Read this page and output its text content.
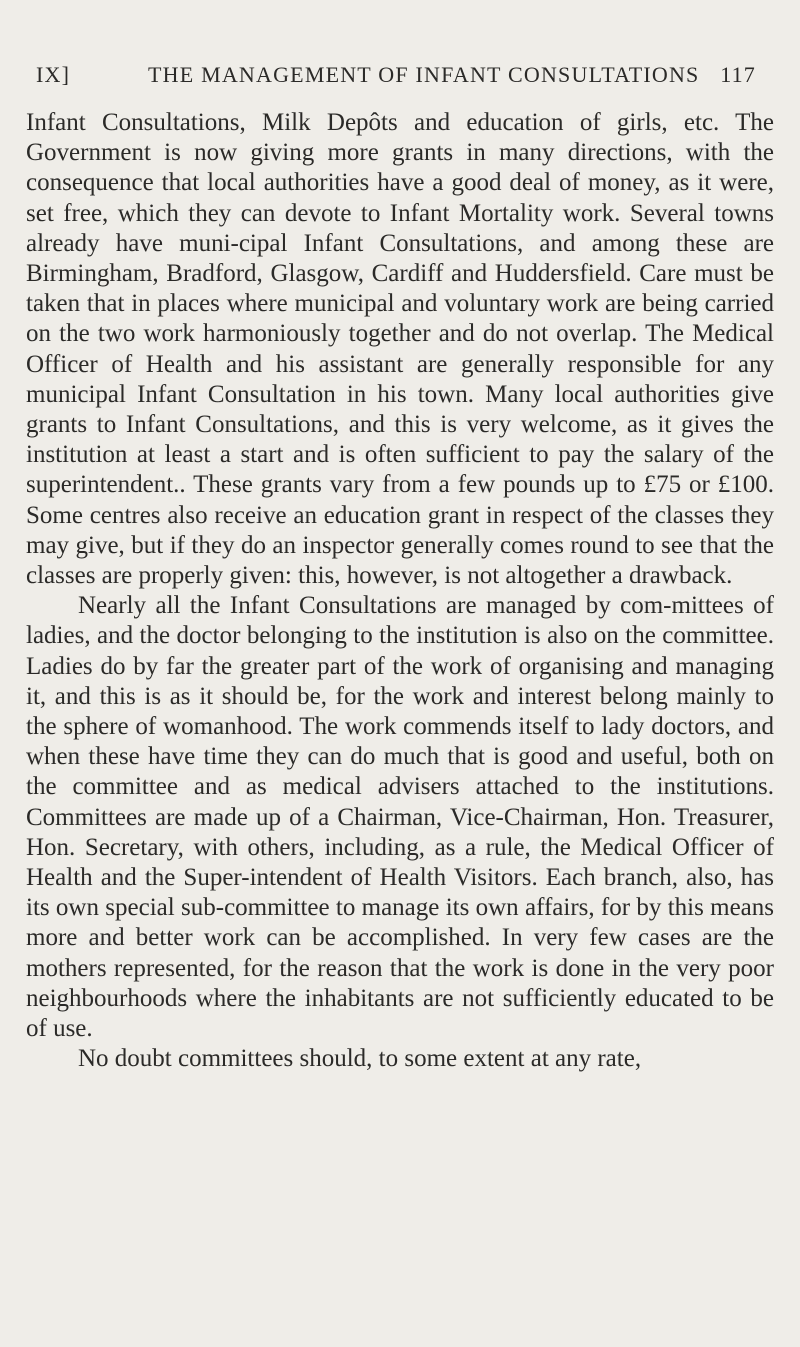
IX]	THE MANAGEMENT OF INFANT CONSULTATIONS 117

Infant Consultations, Milk Depôts and education of girls, etc. The Government is now giving more grants in many directions, with the consequence that local authorities have a good deal of money, as it were, set free, which they can devote to Infant Mortality work. Several towns already have muni-cipal Infant Consultations, and among these are Birmingham, Bradford, Glasgow, Cardiff and Huddersfield. Care must be taken that in places where municipal and voluntary work are being carried on the two work harmoniously together and do not overlap. The Medical Officer of Health and his assistant are generally responsible for any municipal Infant Consultation in his town. Many local authorities give grants to Infant Consultations, and this is very welcome, as it gives the institution at least a start and is often sufficient to pay the salary of the superintendent.. These grants vary from a few pounds up to £75 or £100. Some centres also receive an education grant in respect of the classes they may give, but if they do an inspector generally comes round to see that the classes are properly given: this, however, is not altogether a drawback.

Nearly all the Infant Consultations are managed by com-mittees of ladies, and the doctor belonging to the institution is also on the committee. Ladies do by far the greater part of the work of organising and managing it, and this is as it should be, for the work and interest belong mainly to the sphere of womanhood. The work commends itself to lady doctors, and when these have time they can do much that is good and useful, both on the committee and as medical advisers attached to the institutions. Committees are made up of a Chairman, Vice-Chairman, Hon. Treasurer, Hon. Secretary, with others, including, as a rule, the Medical Officer of Health and the Super-intendent of Health Visitors. Each branch, also, has its own special sub-committee to manage its own affairs, for by this means more and better work can be accomplished. In very few cases are the mothers represented, for the reason that the work is done in the very poor neighbourhoods where the inhabitants are not sufficiently educated to be of use.

No doubt committees should, to some extent at any rate,
